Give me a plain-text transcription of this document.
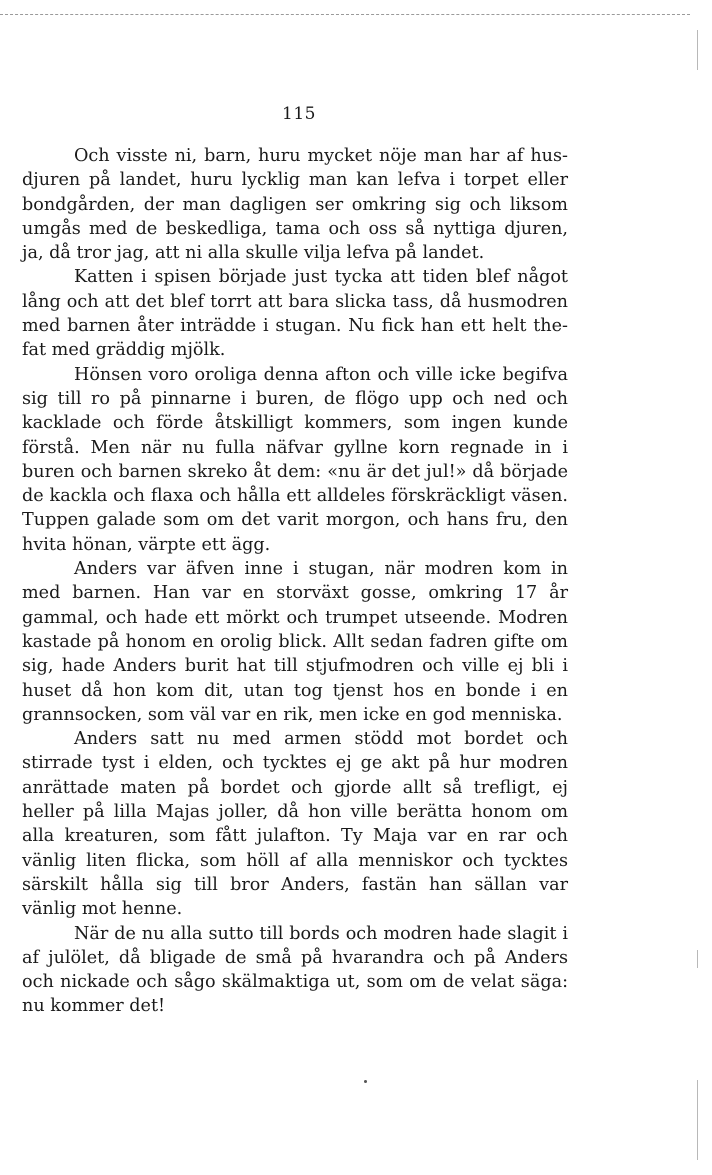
115

Och visste ni, barn, huru mycket nöje man har af husdjuren på landet, huru lycklig man kan lefva i torpet eller bondgården, der man dagligen ser omkring sig och liksom umgås med de beskedliga, tama och oss så nyttiga djuren, ja, då tror jag, att ni alla skulle vilja lefva på landet.

Katten i spisen började just tycka att tiden blef något lång och att det blef torrt att bara slicka tass, då husmodren med barnen åter inträdde i stugan. Nu fick han ett helt thefat med gräddig mjölk.

Hönsen voro oroliga denna afton och ville icke begifva sig till ro på pinnarne i buren, de flögo upp och ned och kacklade och förde åtskilligt kommers, som ingen kunde förstå. Men när nu fulla näfvar gyllne korn regnade in i buren och barnen skreko åt dem: «nu är det jul!» då började de kackla och flaxa och hålla ett alldeles förskräckligt väsen. Tuppen galade som om det varit morgon, och hans fru, den hvita hönan, värpte ett ägg.

Anders var äfven inne i stugan, när modren kom in med barnen. Han var en storväxt gosse, omkring 17 år gammal, och hade ett mörkt och trumpet utseende. Modren kastade på honom en orolig blick. Allt sedan fadren gifte om sig, hade Anders burit hat till stjufmodren och ville ej bli i huset då hon kom dit, utan tog tjenst hos en bonde i en grannsocken, som väl var en rik, men icke en god menniska.

Anders satt nu med armen stödd mot bordet och stirrade tyst i elden, och tycktes ej ge akt på hur modren anrättade maten på bordet och gjorde allt så trefligt, ej heller på lilla Majas joller, då hon ville berätta honom om alla kreaturen, som fått julafton. Ty Maja var en rar och vänlig liten flicka, som höll af alla menniskor och tycktes särskilt hålla sig till bror Anders, fastän han sällan var vänlig mot henne.

När de nu alla sutto till bords och modren hade slagit i af julölet, då bligade de små på hvarandra och på Anders och nickade och sågo skälmaktiga ut, som om de velat säga: nu kommer det!
